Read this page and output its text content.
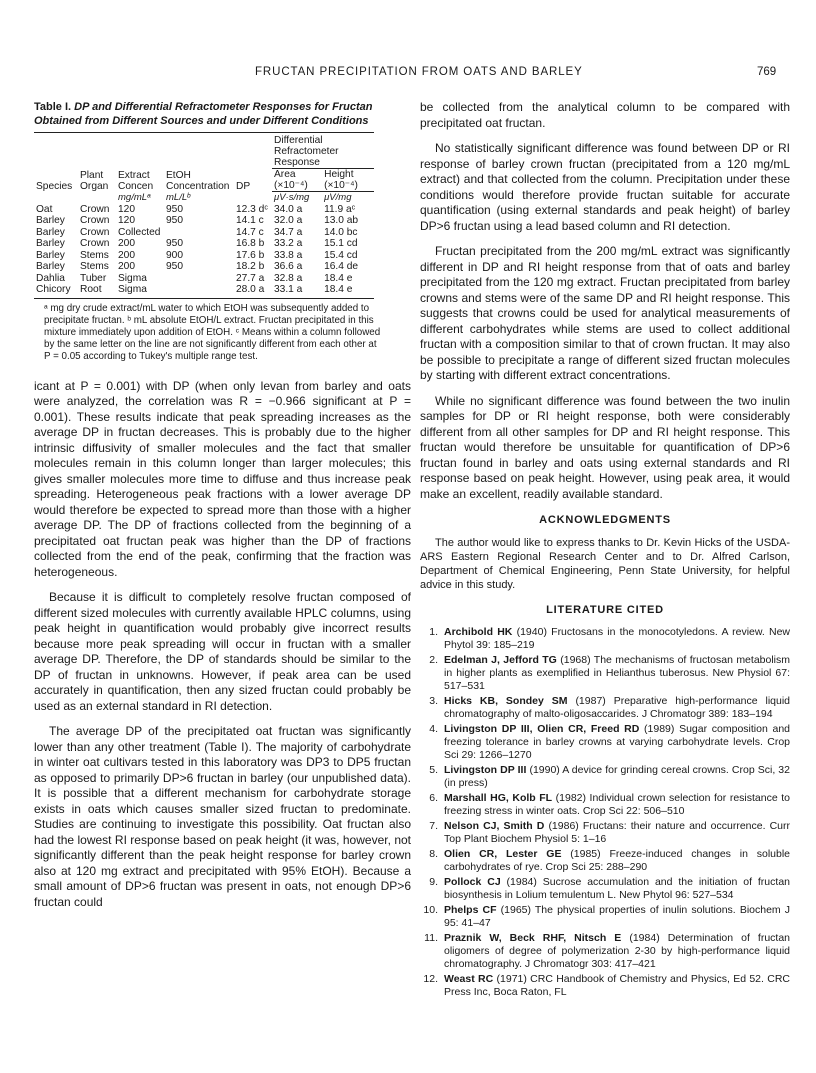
FRUCTAN PRECIPITATION FROM OATS AND BARLEY	769
Table I. DP and Differential Refractometer Responses for Fructan Obtained from Different Sources and under Different Conditions
Species	Plant Organ	Extract Concen	EtOH Concentration	DP	Differential Refractometer Response	
					Area (×10⁻⁴)	Height (×10⁻⁴)
		mg/mLᵃ	mL/Lᵇ		μV·s/mg	μV/mg
Oat	Crown	120	950	12.3 dᶜ	34.0 a	11.9 aᶜ
Barley	Crown	120	950	14.1 c	32.0 a	13.0 ab
Barley	Crown	Collected		14.7 c	34.7 a	14.0 bc
Barley	Crown	200	950	16.8 b	33.2 a	15.1 cd
Barley	Stems	200	900	17.6 b	33.8 a	15.4 cd
Barley	Stems	200	950	18.2 b	36.6 a	16.4 de
Dahlia	Tuber	Sigma		27.7 a	32.8 a	18.4 e
Chicory	Root	Sigma		28.0 a	33.1 a	18.4 e
ᵃ mg dry crude extract/mL water to which EtOH was subsequently added to precipitate fructan. ᵇ mL absolute EtOH/L extract. Fructan precipitated in this mixture immediately upon addition of EtOH. ᶜ Means within a column followed by the same letter on the line are not significantly different from each other at P = 0.05 according to Tukey's multiple range test.

icant at P = 0.001) with DP (when only levan from barley and oats were analyzed, the correlation was R = −0.966 significant at P = 0.001). These results indicate that peak spreading increases as the average DP in fructan decreases. This is probably due to the higher intrinsic diffusivity of smaller molecules and the fact that smaller molecules remain in this column longer than larger molecules; this gives smaller molecules more time to diffuse and thus increase peak spreading. Heterogeneous peak fractions with a lower average DP would therefore be expected to spread more than those with a higher average DP. The DP of fractions collected from the beginning of a precipitated oat fructan peak was higher than the DP of fractions collected from the end of the peak, confirming that the fraction was heterogeneous.

Because it is difficult to completely resolve fructan composed of different sized molecules with currently available HPLC columns, using peak height in quantification would probably give incorrect results because more peak spreading will occur in fructan with a smaller average DP. Therefore, the DP of standards should be similar to the DP of fructan in unknowns. However, if peak area can be used accurately in quantification, then any sized fructan could probably be used as an external standard in RI detection.

The average DP of the precipitated oat fructan was significantly lower than any other treatment (Table I). The majority of carbohydrate in winter oat cultivars tested in this laboratory was DP3 to DP5 fructan as opposed to primarily DP>6 fructan in barley (our unpublished data). It is possible that a different mechanism for carbohydrate storage exists in oats which causes smaller sized fructan to predominate. Studies are continuing to investigate this possibility. Oat fructan also had the lowest RI response based on peak height (it was, however, not significantly different than the peak height response for barley crown also at 120 mg extract and precipitated with 95% EtOH). Because a small amount of DP>6 fructan was present in oats, not enough DP>6 fructan could

be collected from the analytical column to be compared with precipitated oat fructan.

No statistically significant difference was found between DP or RI response of barley crown fructan (precipitated from a 120 mg/mL extract) and that collected from the column. Precipitation under these conditions would therefore provide fructan suitable for accurate quantification (using external standards and peak height) of barley DP>6 fructan using a lead based column and RI detection.

Fructan precipitated from the 200 mg/mL extract was significantly different in DP and RI height response from that of oats and barley precipitated from the 120 mg extract. Fructan precipitated from barley crowns and stems were of the same DP and RI height response. This suggests that crowns could be used for analytical measurements of different carbohydrates while stems are used to collect additional fructan with a composition similar to that of crown fructan. It may also be possible to precipitate a range of different sized fructan molecules by starting with different extract concentrations.

While no significant difference was found between the two inulin samples for DP or RI height response, both were considerably different from all other samples for DP and RI height response. This fructan would therefore be unsuitable for quantification of DP>6 fructan found in barley and oats using external standards and RI response based on peak height. However, using peak area, it would make an excellent, readily available standard.

ACKNOWLEDGMENTS

The author would like to express thanks to Dr. Kevin Hicks of the USDA-ARS Eastern Regional Research Center and to Dr. Alfred Carlson, Department of Chemical Engineering, Penn State University, for helpful advice in this study.

LITERATURE CITED
1. Archibold HK (1940) Fructosans in the monocotyledons. A review. New Phytol 39: 185–219
2. Edelman J, Jefford TG (1968) The mechanisms of fructosan metabolism in higher plants as exemplified in Helianthus tuberosus. New Physiol 67: 517–531
3. Hicks KB, Sondey SM (1987) Preparative high-performance liquid chromatography of malto-oligosaccarides. J Chromatogr 389: 183–194
4. Livingston DP III, Olien CR, Freed RD (1989) Sugar composition and freezing tolerance in barley crowns at varying carbohydrate levels. Crop Sci 29: 1266–1270
5. Livingston DP III (1990) A device for grinding cereal crowns. Crop Sci, 32 (in press)
6. Marshall HG, Kolb FL (1982) Individual crown selection for resistance to freezing stress in winter oats. Crop Sci 22: 506–510
7. Nelson CJ, Smith D (1986) Fructans: their nature and occurrence. Curr Top Plant Biochem Physiol 5: 1–16
8. Olien CR, Lester GE (1985) Freeze-induced changes in soluble carbohydrates of rye. Crop Sci 25: 288–290
9. Pollock CJ (1984) Sucrose accumulation and the initiation of fructan biosynthesis in Lolium temulentum L. New Phytol 96: 527–534
10. Phelps CF (1965) The physical properties of inulin solutions. Biochem J 95: 41–47
11. Praznik W, Beck RHF, Nitsch E (1984) Determination of fructan oligomers of degree of polymerization 2-30 by high-performance liquid chromatography. J Chromatogr 303: 417–421
12. Weast RC (1971) CRC Handbook of Chemistry and Physics, Ed 52. CRC Press Inc, Boca Raton, FL
